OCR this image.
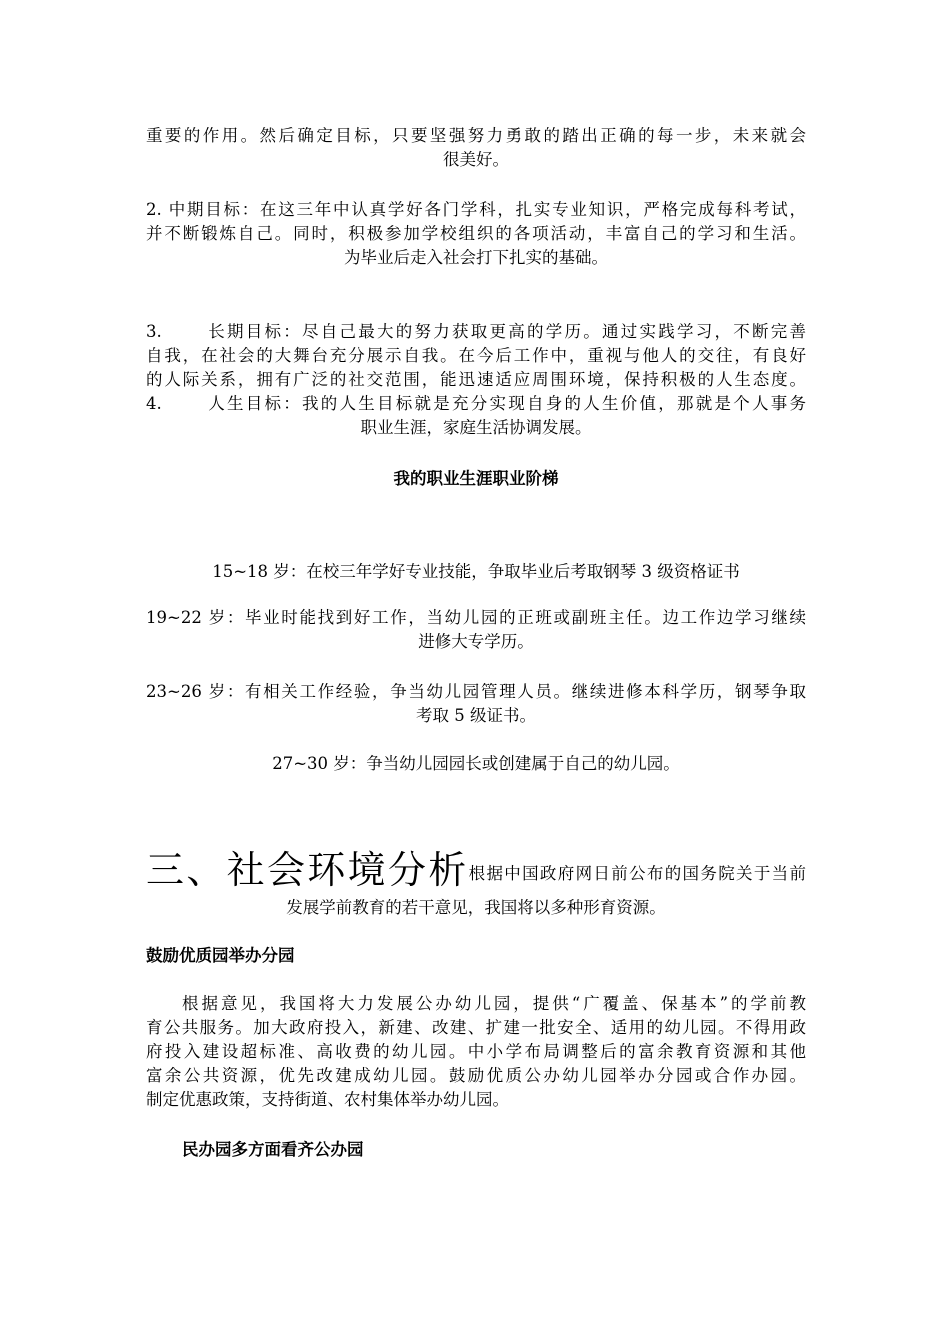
重要的作用。然后确定目标，只要坚强努力勇敢的踏出正确的每一步，未来就会
很美好。
2. 中期目标：在这三年中认真学好各门学科，扎实专业知识，严格完成每科考试，
并不断锻炼自己。同时，积极参加学校组织的各项活动，丰富自己的学习和生活。
为毕业后走入社会打下扎实的基础。
3.	长期目标：尽自己最大的努力获取更高的学历。通过实践学习，不断完善
自我，在社会的大舞台充分展示自我。在今后工作中，重视与他人的交往，有良好
的人际关系，拥有广泛的社交范围，能迅速适应周围环境，保持积极的人生态度。
4.	人生目标：我的人生目标就是充分实现自身的人生价值，那就是个人事务
职业生涯，家庭生活协调发展。
我的职业生涯职业阶梯
15~18 岁：在校三年学好专业技能，争取毕业后考取钢琴 3 级资格证书
19~22 岁：毕业时能找到好工作，当幼儿园的正班或副班主任。边工作边学习继续
进修大专学历。
23~26 岁：有相关工作经验，争当幼儿园管理人员。继续进修本科学历，钢琴争取
考取 5 级证书。
27~30 岁：争当幼儿园园长或创建属于自己的幼儿园。
三、社会环境分析根据中国政府网日前公布的国务院关于当前
发展学前教育的若干意见，我国将以多种形育资源。
鼓励优质园举办分园
根据意见，我国将大力发展公办幼儿园，提供“广覆盖、保基本”的学前教
育公共服务。加大政府投入，新建、改建、扩建一批安全、适用的幼儿园。不得用政
府投入建设超标准、高收费的幼儿园。中小学布局调整后的富余教育资源和其他
富余公共资源，优先改建成幼儿园。鼓励优质公办幼儿园举办分园或合作办园。
制定优惠政策，支持街道、农村集体举办幼儿园。
民办园多方面看齐公办园
